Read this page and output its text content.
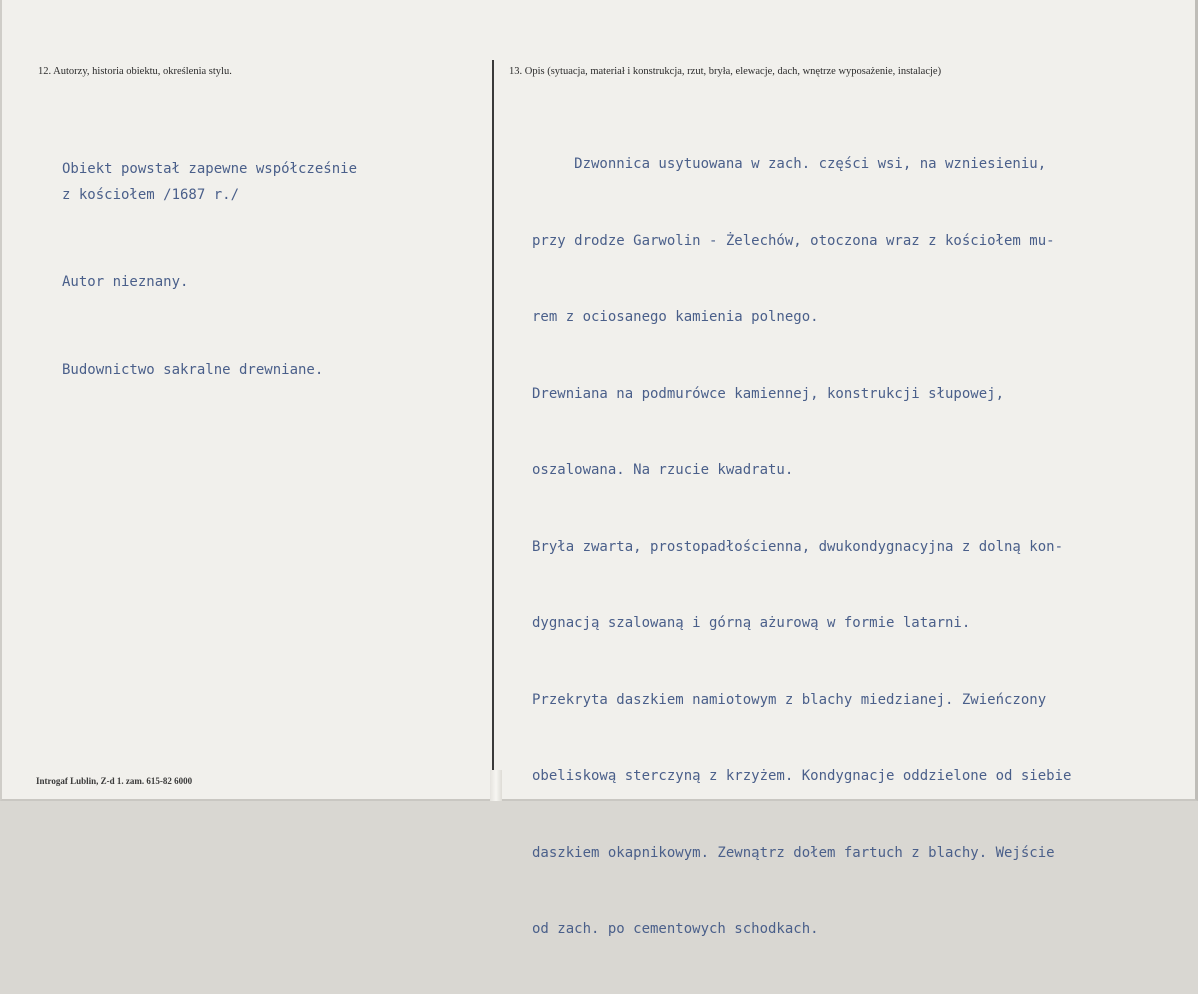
12. Autorzy, historia obiektu, określenia stylu.	13. Opis (sytuacja, materiał i konstrukcja, rzut, bryła, elewacje, dach, wnętrze wyposażenie, instalacje)

Obiekt powstał zapewne współcześnie
z kościołem /1687 r./

Autor nieznany.

Budownictwo sakralne drewniane.

Dzwonnica usytuowana w zach. części wsi, na wzniesieniu,

przy drodze Garwolin - Żelechów, otoczona wraz z kościołem mu-

rem z ociosanego kamienia polnego.

Drewniana na podmurówce kamiennej, konstrukcji słupowej,

oszalowana. Na rzucie kwadratu.

Bryła zwarta, prostopadłościenna, dwukondygnacyjna z dolną kon-

dygnacją szalowaną i górną ażurową w formie latarni.

Przekryta daszkiem namiotowym z blachy miedzianej. Zwieńczony

obeliskową sterczyną z krzyżem. Kondygnacje oddzielone od siebie

daszkiem okapnikowym. Zewnątrz dołem fartuch z blachy. Wejście

od zach. po cementowych schodkach.

Introgaf Lublin, Z-d 1. zam. 615-82 6000
